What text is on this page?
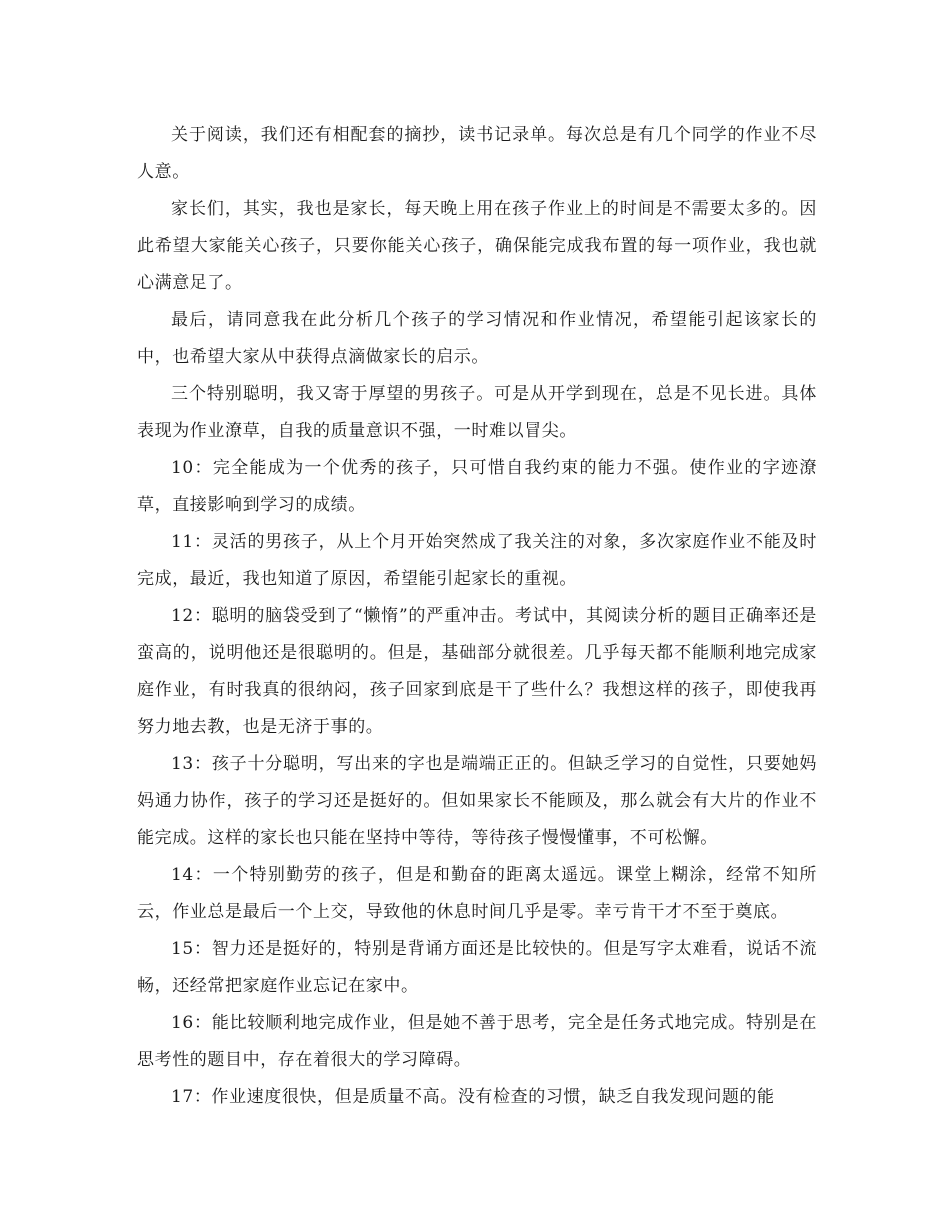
关于阅读，我们还有相配套的摘抄，读书记录单。每次总是有几个同学的作业不尽人意。

家长们，其实，我也是家长，每天晚上用在孩子作业上的时间是不需要太多的。因此希望大家能关心孩子，只要你能关心孩子，确保能完成我布置的每一项作业，我也就心满意足了。

最后，请同意我在此分析几个孩子的学习情况和作业情况，希望能引起该家长的中，也希望大家从中获得点滴做家长的启示。

三个特别聪明，我又寄于厚望的男孩子。可是从开学到现在，总是不见长进。具体表现为作业潦草，自我的质量意识不强，一时难以冒尖。

10：完全能成为一个优秀的孩子，只可惜自我约束的能力不强。使作业的字迹潦草，直接影响到学习的成绩。

11：灵活的男孩子，从上个月开始突然成了我关注的对象，多次家庭作业不能及时完成，最近，我也知道了原因，希望能引起家长的重视。

12：聪明的脑袋受到了“懒惰”的严重冲击。考试中，其阅读分析的题目正确率还是蛮高的，说明他还是很聪明的。但是，基础部分就很差。几乎每天都不能顺利地完成家庭作业，有时我真的很纳闷，孩子回家到底是干了些什么？我想这样的孩子，即使我再努力地去教，也是无济于事的。

13：孩子十分聪明，写出来的字也是端端正正的。但缺乏学习的自觉性，只要她妈妈通力协作，孩子的学习还是挺好的。但如果家长不能顾及，那么就会有大片的作业不能完成。这样的家长也只能在坚持中等待，等待孩子慢慢懂事，不可松懈。

14：一个特别勤劳的孩子，但是和勤奋的距离太遥远。课堂上糊涂，经常不知所云，作业总是最后一个上交，导致他的休息时间几乎是零。幸亏肯干才不至于奠底。

15：智力还是挺好的，特别是背诵方面还是比较快的。但是写字太难看，说话不流畅，还经常把家庭作业忘记在家中。

16：能比较顺利地完成作业，但是她不善于思考，完全是任务式地完成。特别是在思考性的题目中，存在着很大的学习障碍。

17：作业速度很快，但是质量不高。没有检查的习惯，缺乏自我发现问题的能
